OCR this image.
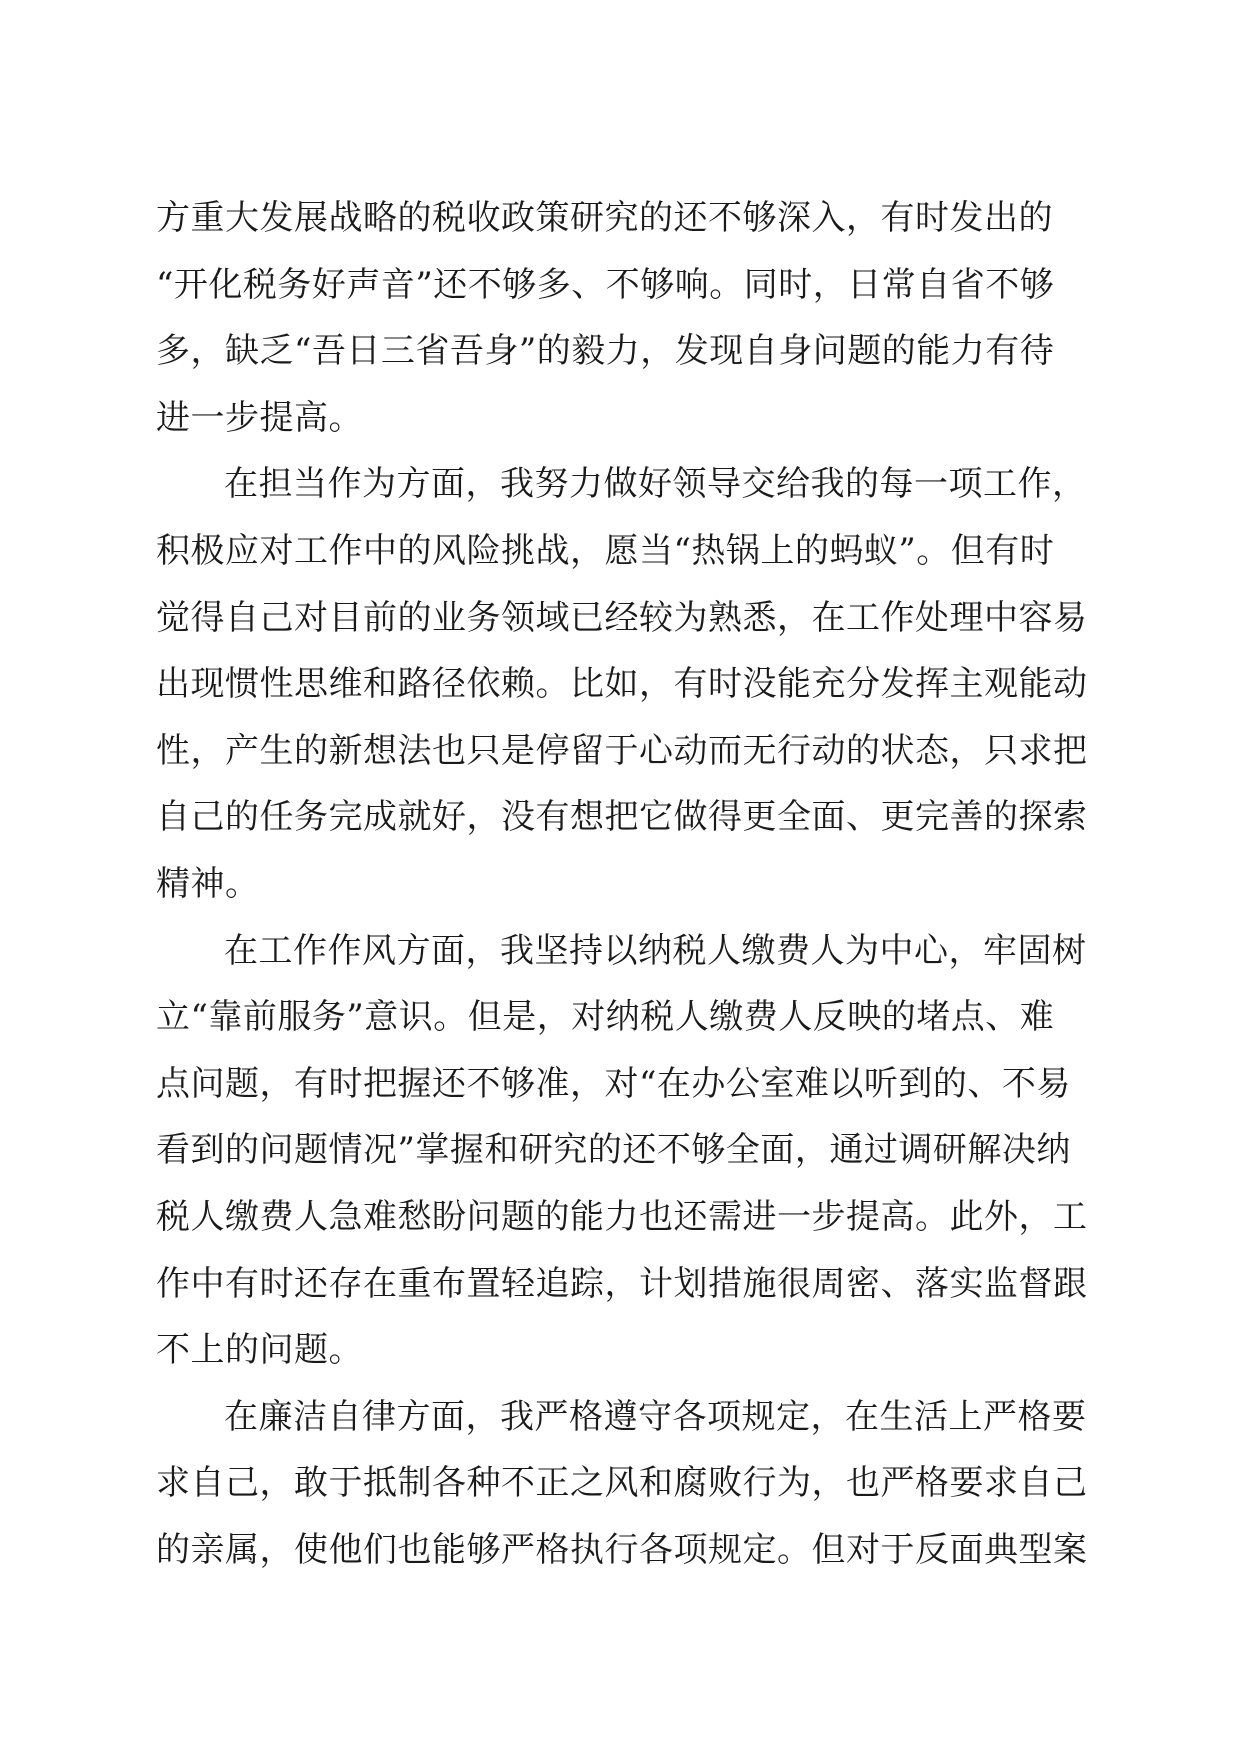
方重大发展战略的税收政策研究的还不够深入，有时发出的
“开化税务好声音”还不够多、不够响。同时，日常自省不够
多，缺乏“吾日三省吾身”的毅力，发现自身问题的能力有待
进一步提高。
在担当作为方面，我努力做好领导交给我的每一项工作，
积极应对工作中的风险挑战，愿当“热锅上的蚂蚁”。但有时
觉得自己对目前的业务领域已经较为熟悉，在工作处理中容易
出现惯性思维和路径依赖。比如，有时没能充分发挥主观能动
性，产生的新想法也只是停留于心动而无行动的状态，只求把
自己的任务完成就好，没有想把它做得更全面、更完善的探索
精神。
在工作作风方面，我坚持以纳税人缴费人为中心，牢固树
立“靠前服务”意识。但是，对纳税人缴费人反映的堵点、难
点问题，有时把握还不够准，对“在办公室难以听到的、不易
看到的问题情况”掌握和研究的还不够全面，通过调研解决纳
税人缴费人急难愁盼问题的能力也还需进一步提高。此外，工
作中有时还存在重布置轻追踪，计划措施很周密、落实监督跟
不上的问题。
在廉洁自律方面，我严格遵守各项规定，在生活上严格要
求自己，敢于抵制各种不正之风和腐败行为，也严格要求自己
的亲属，使他们也能够严格执行各项规定。但对于反面典型案
